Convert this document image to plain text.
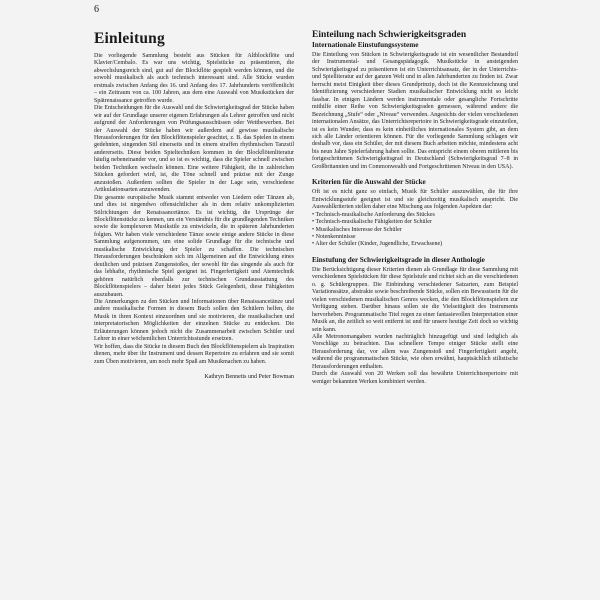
6
Einleitung

Die vorliegende Sammlung besteht aus Stücken für Altblockflöte und Klavier/Cembalo. Es war uns wichtig, Spielstücke zu präsentieren, die abwechslungsreich sind, gut auf der Blockflöte gespielt werden können, und die sowohl musikalisch als auch technisch interessant sind. Alle Stücke wurden erstmals zwischen Anfang des 16. und Anfang des 17. Jahrhunderts veröffentlicht – ein Zeitraum von ca. 100 Jahren, aus dem eine Auswahl von Musikstücken der Spätrenaissance getroffen wurde.

Die Entscheidungen für die Auswahl und die Schwierigkeitsgrad der Stücke haben wir auf der Grundlage unserer eigenen Erfahrungen als Lehrer getroffen und nicht aufgrund der Anforderungen von Prüfungsausschüssen oder Wettbewerben. Bei der Auswahl der Stücke haben wir außerdem auf gewisse musikalische Herausforderungen für den Blockflötenspieler geachtet, z. B. das Spielen in einem gedehnten, singenden Stil einerseits und in einem straffen rhythmischen Tanzstil andererseits. Diese beiden Spieltechniken kommen in der Blockflötenliteratur häufig nebeneinander vor, und so ist es wichtig, dass die Spieler schnell zwischen beiden Techniken wechseln können. Eine weitere Fähigkeit, die in zahlreichen Stücken gefordert wird, ist, die Töne schnell und präzise mit der Zunge anzustoßen. Außerdem sollten die Spieler in der Lage sein, verschiedene Artikulationsarten anzuwenden.

Die gesamte europäische Musik stammt entweder von Liedern oder Tänzen ab, und dies ist nirgendwo offensichtlicher als in dem relativ unkomplizierten Stilrichtungen der Renaissancetänze. Es ist wichtig, die Ursprünge der Blockflötenstücke zu kennen, um ein Verständnis für die grundlegenden Techniken sowie die komplexeren Musikstile zu entwickeln, die in späteren Jahrhunderten folgten. Wir haben viele verschiedene Tänze sowie einige andere Stücke in diese Sammlung aufgenommen, um eine solide Grundlage für die technische und musikalische Entwicklung der Spieler zu schaffen. Die technischen Herausforderungen beschränken sich im Allgemeinen auf die Entwicklung eines deutlichen und präzisen Zungenstoßes, der sowohl für das singende als auch für das lebhafte, rhythmische Spiel geeignet ist. Fingerfertigkeit und Atemtechnik gehören natürlich ebenfalls zur technischen Grundausstattung des Blockflötenspielers – daher bietet jedes Stück Gelegenheit, diese Fähigkeiten auszubauen.

Die Anmerkungen zu den Stücken und Informationen über Renaissancetänze und andere musikalische Formen in diesem Buch sollen den Schülern helfen, die Musik in ihren Kontext einzuordnen und sie motivieren, die musikalischen und interpretatorischen Möglichkeiten der einzelnen Stücke zu entdecken. Die Erläuterungen können jedoch nicht die Zusammenarbeit zwischen Schüler und Lehrer in einer wöchentlichen Unterrichtsstunde ersetzen.

Wir hoffen, dass die Stücke in diesem Buch den Blockflötenspielern als Inspiration dienen, mehr über ihr Instrument und dessen Repertoire zu erfahren und sie somit zum Üben motivieren, um noch mehr Spaß am Musikmachen zu haben.

Kathryn Bennetts und Peter Bowman
Einteilung nach Schwierigkeitsgraden
Internationale Einstufungssysteme

Die Einteilung von Stücken in Schwierigkeitsgrade ist ein wesentlicher Bestandteil der Instrumental- und Gesangspädagogik. Musikstücke in ansteigenden Schwierigkeitsgrad zu präsentieren ist ein Unterrichtsansatz, der in der Unterrichts- und Spielliteratur auf der ganzen Welt und in allen Jahrhunderten zu finden ist. Zwar herrscht meist Einigkeit über dieses Grundprinzip, doch ist die Kennzeichnung und Identifizierung verschiedener Stadien musikalischer Entwicklung nicht so leicht fassbar. In einigen Ländern werden instrumentale oder gesangliche Fortschritte mithilfe einer Reihe von Schwierigkeitsgraden gemessen, während andere die Bezeichnung „Stufe“ oder „Niveau“ verwenden. Angesichts der vielen verschiedenen internationalen Ansätze, das Unterrichtsrepertoire in Schwierigkeitsgrade einzuteilen, ist es kein Wunder, dass es kein einheitliches internationales System gibt, an dem sich alle Länder orientieren können. Für die vorliegende Sammlung schlagen wir deshalb vor, dass ein Schüler, der mit diesem Buch arbeiten möchte, mindestens acht bis neun Jahre Spielerfahrung haben sollte. Das entspricht einem oberen mittleren bis fortgeschrittenen Schwierigkeitsgrad in Deutschland (Schwierigkeitsgrad 7–8 in Großbritannien und im Commonwealth und Fortgeschrittenen Niveau in den USA).

Kriterien für die Auswahl der Stücke

Oft ist es nicht ganz so einfach, Musik für Schüler auszuwählen, die für ihre Entwicklungsstufe geeignet ist und sie gleichzeitig musikalisch anspricht. Die Auswahlkriterien stellen daher eine Mischung aus folgenden Aspekten dar:

• Technisch-musikalische Anforderung des Stückes
• Technisch-musikalische Fähigkeiten der Schüler
• Musikalisches Interesse der Schüler
• Notenkenntnisse
• Alter der Schüler (Kinder, Jugendliche, Erwachsene)
Einstufung der Schwierigkeitsgrade in dieser Anthologie

Die Berücksichtigung dieser Kriterien dienen als Grundlage für diese Sammlung mit verschiedenen Spielstücken für diese Spielstufe und richtet sich an die verschiedenen o. g. Schülergruppen. Die Einbindung verschiedener Satzarten, zum Beispiel Variationssätze, abstrakte sowie beschreibende Stücke, sollen ein Bewusstsein für die vielen verschiedenen musikalischen Genres wecken, die den Blockflötenspielern zur Verfügung stehen. Darüber hinaus sollen sie die Vielseitigkeit des Instruments hervorheben. Programmatische Titel regen zu einer fantasievollen Interpretation einer Musik an, die zeitlich so weit entfernt ist und für unsere heutige Zeit doch so wichtig sein kann.

Alle Metronomangaben wurden nachträglich hinzugefügt und sind lediglich als Vorschläge zu betrachten. Das schnellere Tempo einiger Stücke stellt eine Herausforderung dar, vor allem was Zungenstoß und Fingerfertigkeit angeht, während die programmatischen Stücke, wie oben erwähnt, hauptsächlich stilistische Herausforderungen enthalten.

Durch die Auswahl von 20 Werken soll das bewährte Unterrichtsrepertoire mit weniger bekannten Werken kombiniert werden.
